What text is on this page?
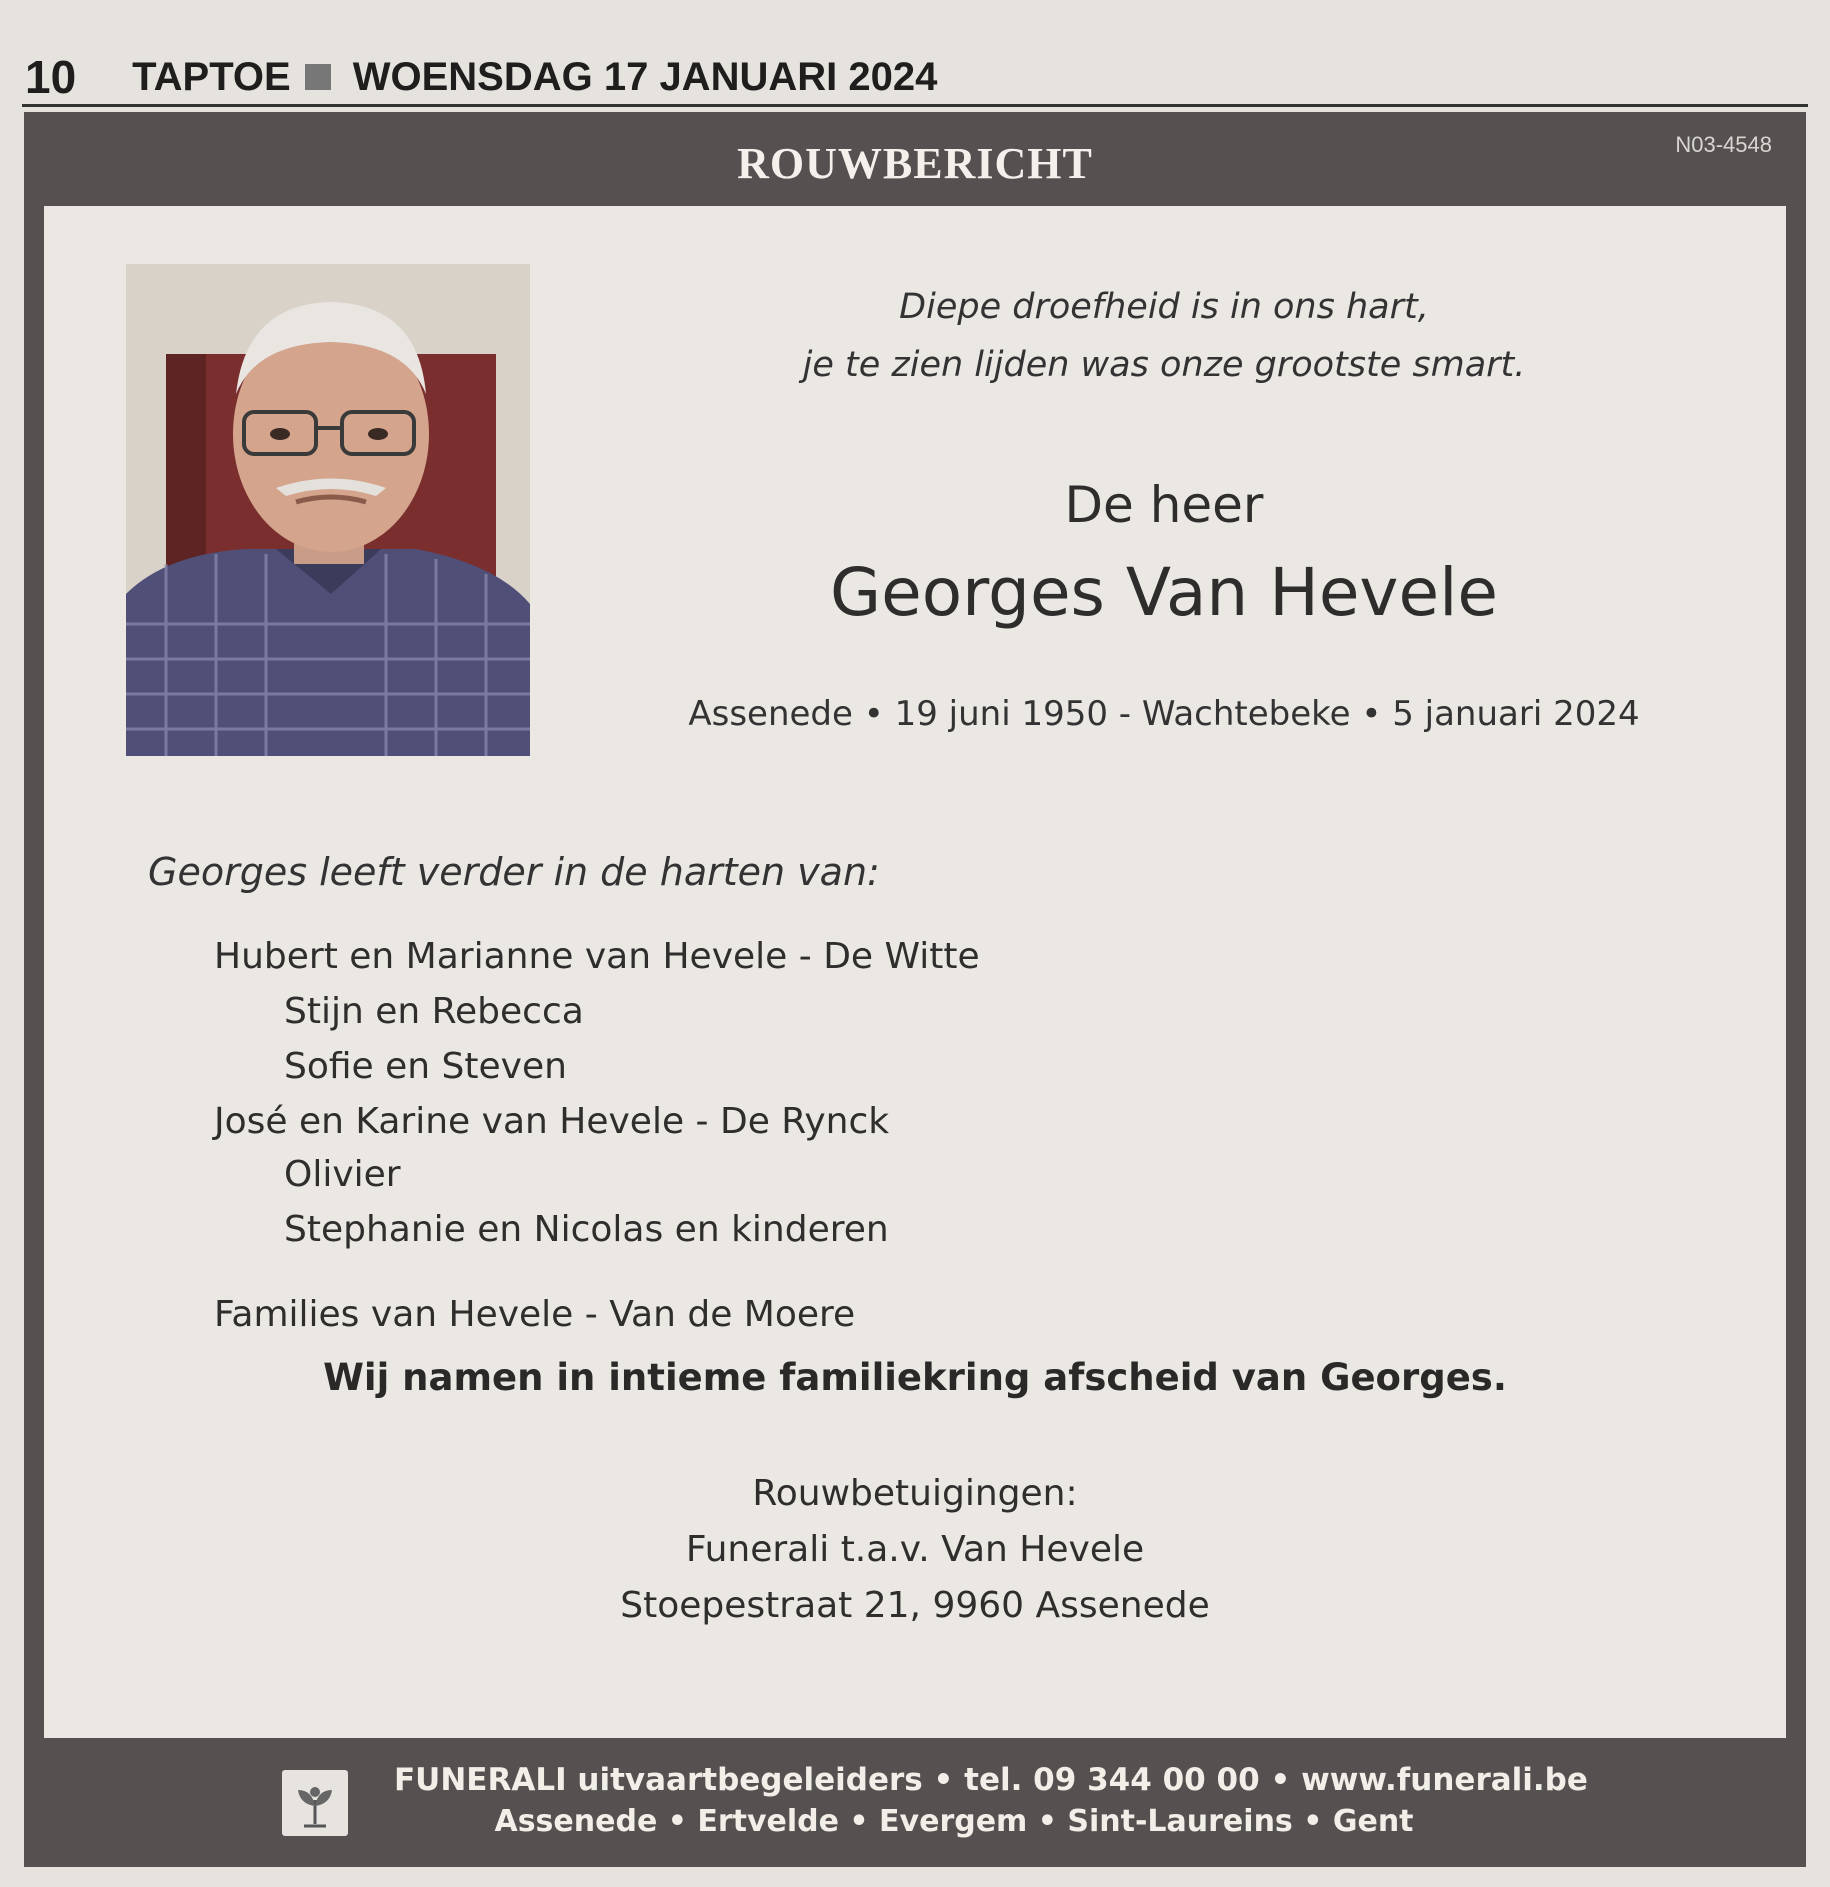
10 TAPTOE WOENSDAG 17 JANUARI 2024
ROUWBERICHT	N03-4548
Diepe droefheid is in ons hart,
je te zien lijden was onze grootste smart.
De heer
Georges Van Hevele
Assenede • 19 juni 1950 - Wachtebeke • 5 januari 2024
Georges leeft verder in de harten van:
Hubert en Marianne van Hevele - De Witte
Stijn en Rebecca
Sofie en Steven
José en Karine van Hevele - De Rynck
Olivier
Stephanie en Nicolas en kinderen
Families van Hevele - Van de Moere
Wij namen in intieme familiekring afscheid van Georges.
Rouwbetuigingen:
Funerali t.a.v. Van Hevele
Stoepestraat 21, 9960 Assenede
FUNERALI uitvaartbegeleiders • tel. 09 344 00 00 • www.funerali.be
Assenede • Ertvelde • Evergem • Sint-Laureins • Gent
